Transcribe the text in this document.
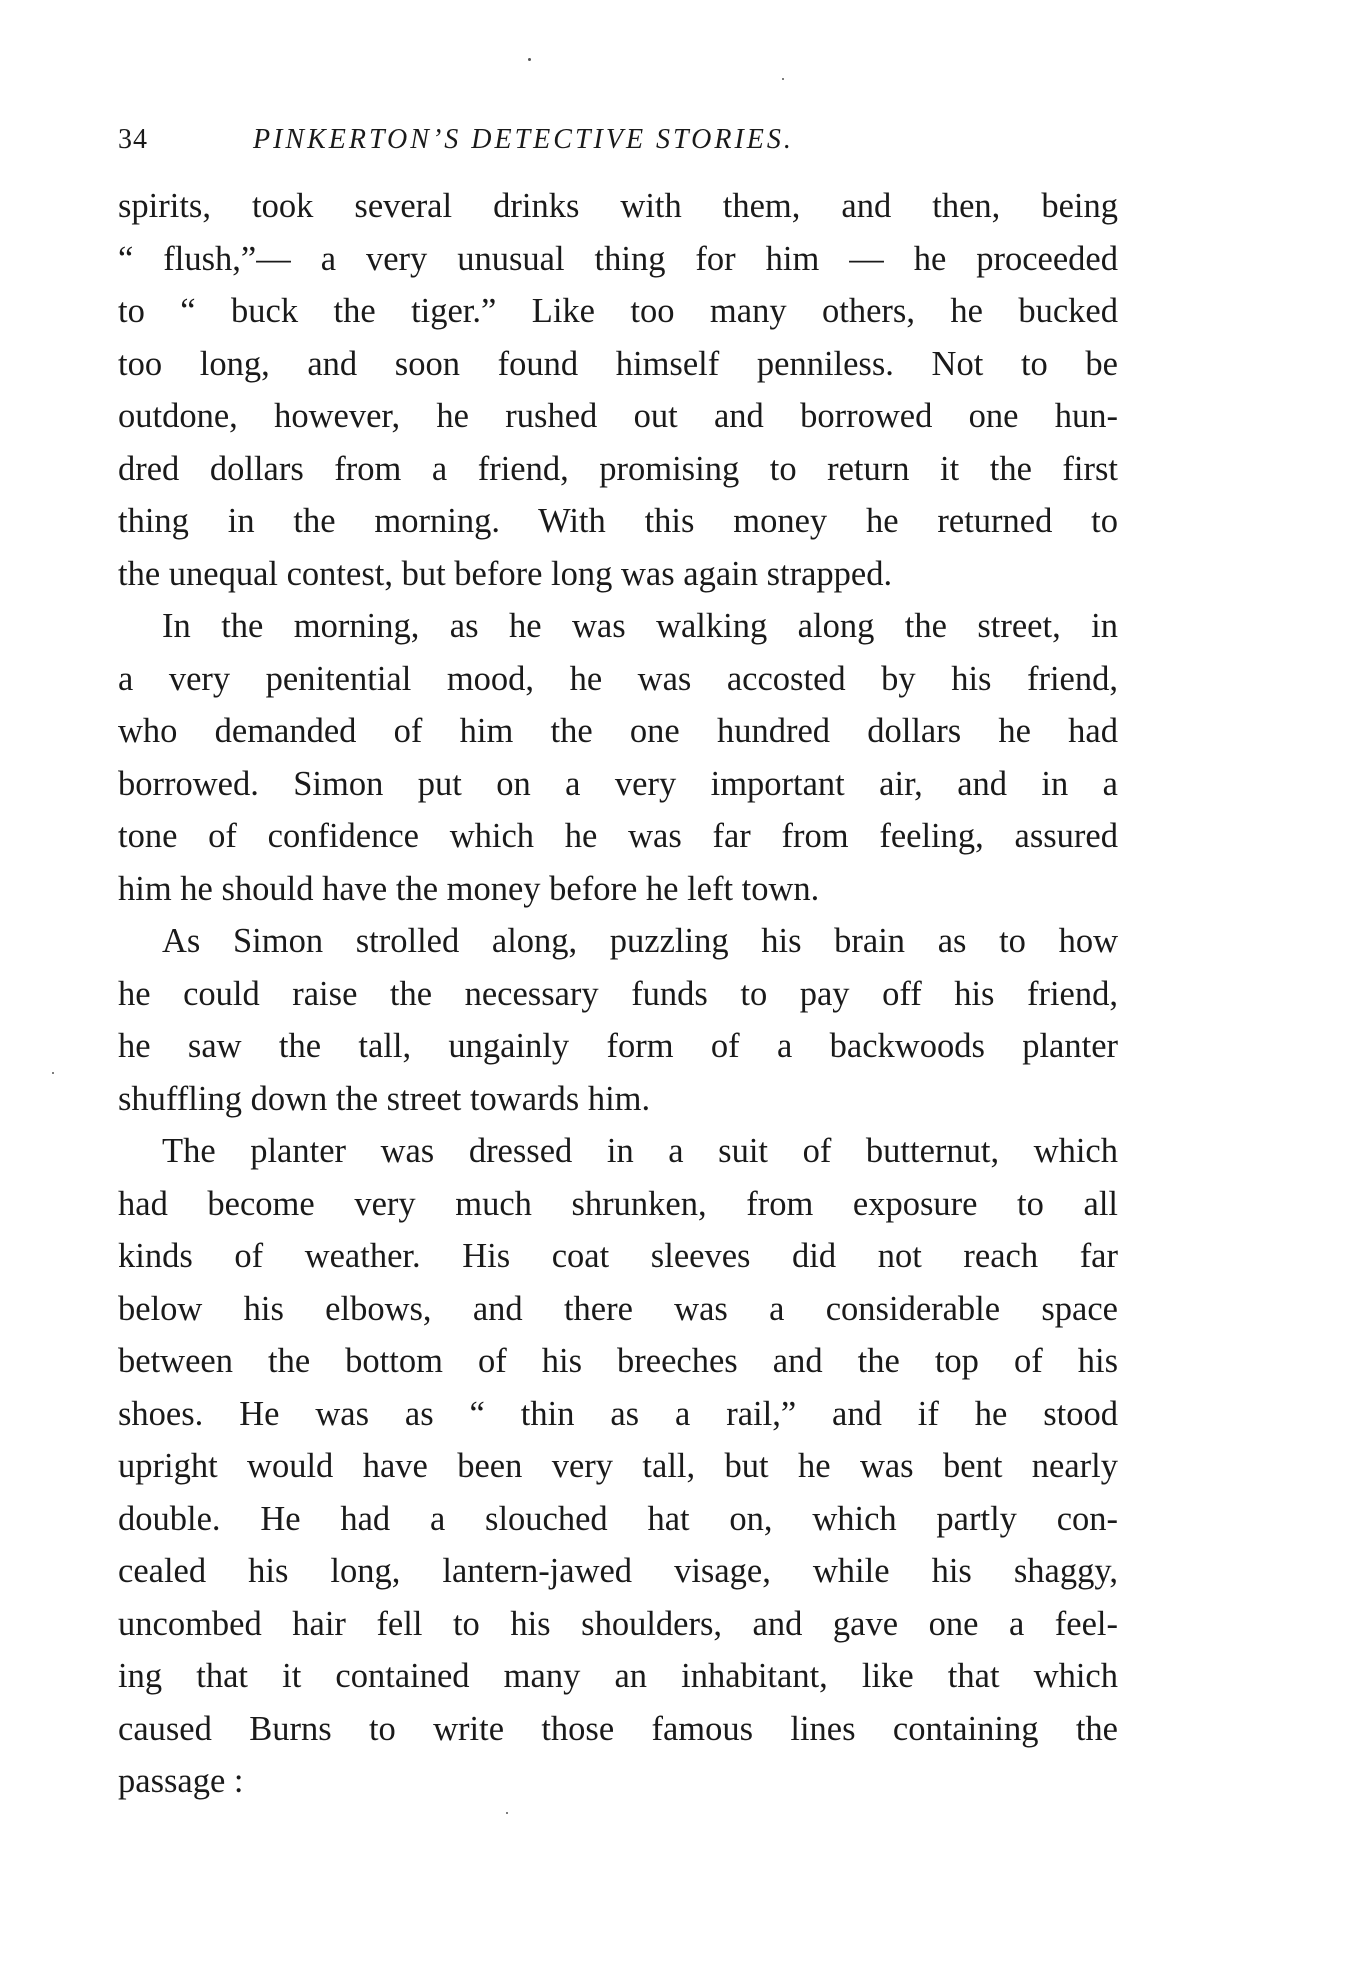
34	PINKERTON’S DETECTIVE STORIES.
spirits, took several drinks with them, and then, being
“ flush,”— a very unusual thing for him — he proceeded
to “ buck the tiger.” Like too many others, he bucked
too long, and soon found himself penniless. Not to be
outdone, however, he rushed out and borrowed one hun-
dred dollars from a friend, promising to return it the first
thing in the morning. With this money he returned to
the unequal contest, but before long was again strapped.
In the morning, as he was walking along the street, in
a very penitential mood, he was accosted by his friend,
who demanded of him the one hundred dollars he had
borrowed. Simon put on a very important air, and in a
tone of confidence which he was far from feeling, assured
him he should have the money before he left town.
As Simon strolled along, puzzling his brain as to how
he could raise the necessary funds to pay off his friend,
he saw the tall, ungainly form of a backwoods planter
shuffling down the street towards him.
The planter was dressed in a suit of butternut, which
had become very much shrunken, from exposure to all
kinds of weather. His coat sleeves did not reach far
below his elbows, and there was a considerable space
between the bottom of his breeches and the top of his
shoes. He was as “ thin as a rail,” and if he stood
upright would have been very tall, but he was bent nearly
double. He had a slouched hat on, which partly con-
cealed his long, lantern-jawed visage, while his shaggy,
uncombed hair fell to his shoulders, and gave one a feel-
ing that it contained many an inhabitant, like that which
caused Burns to write those famous lines containing the
passage :
